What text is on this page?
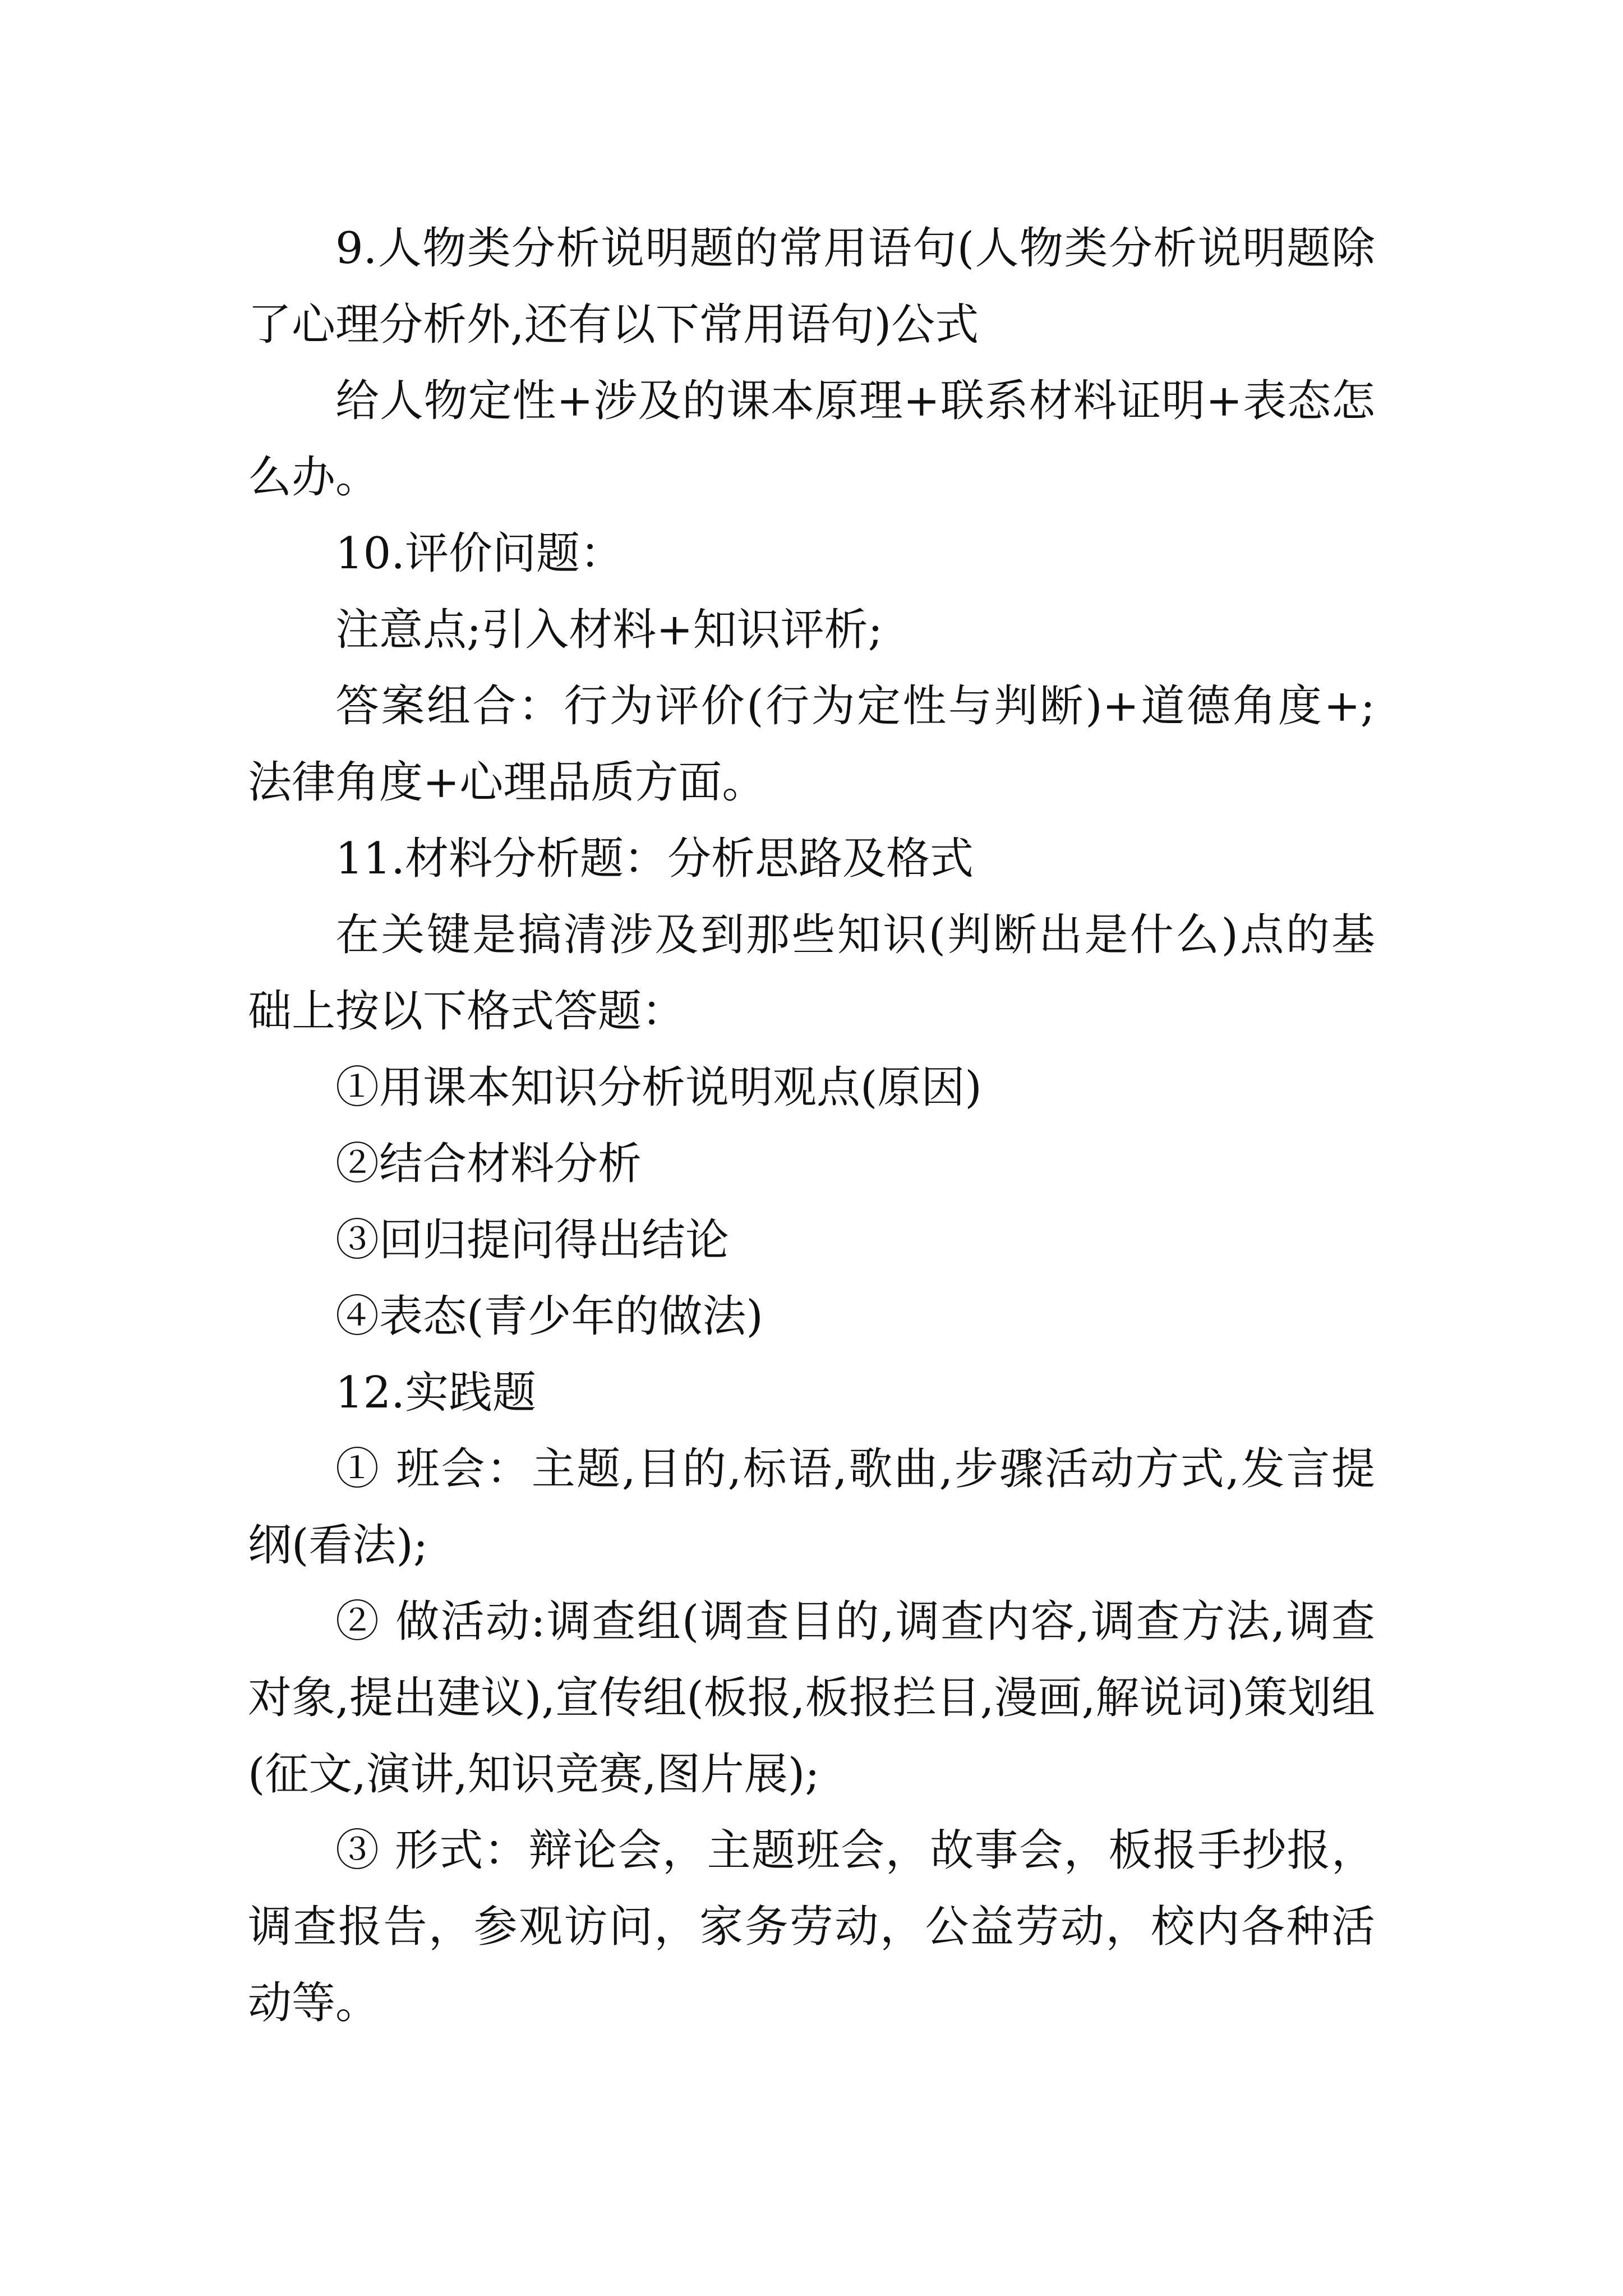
9.人物类分析说明题的常用语句(人物类分析说明题除了心理分析外,还有以下常用语句)公式

给人物定性+涉及的课本原理+联系材料证明+表态怎么办。

10.评价问题：

注意点;引入材料+知识评析;

答案组合：行为评价(行为定性与判断)+道德角度+;法律角度+心理品质方面。

11.材料分析题：分析思路及格式

在关键是搞清涉及到那些知识(判断出是什么)点的基础上按以下格式答题：

①用课本知识分析说明观点(原因)

②结合材料分析

③回归提问得出结论

④表态(青少年的做法)

12.实践题

① 班会：主题,目的,标语,歌曲,步骤活动方式,发言提纲(看法);

② 做活动:调查组(调查目的,调查内容,调查方法,调查对象,提出建议),宣传组(板报,板报拦目,漫画,解说词)策划组(征文,演讲,知识竞赛,图片展);

③ 形式：辩论会，主题班会，故事会，板报手抄报，调查报告，参观访问，家务劳动，公益劳动，校内各种活动等。
